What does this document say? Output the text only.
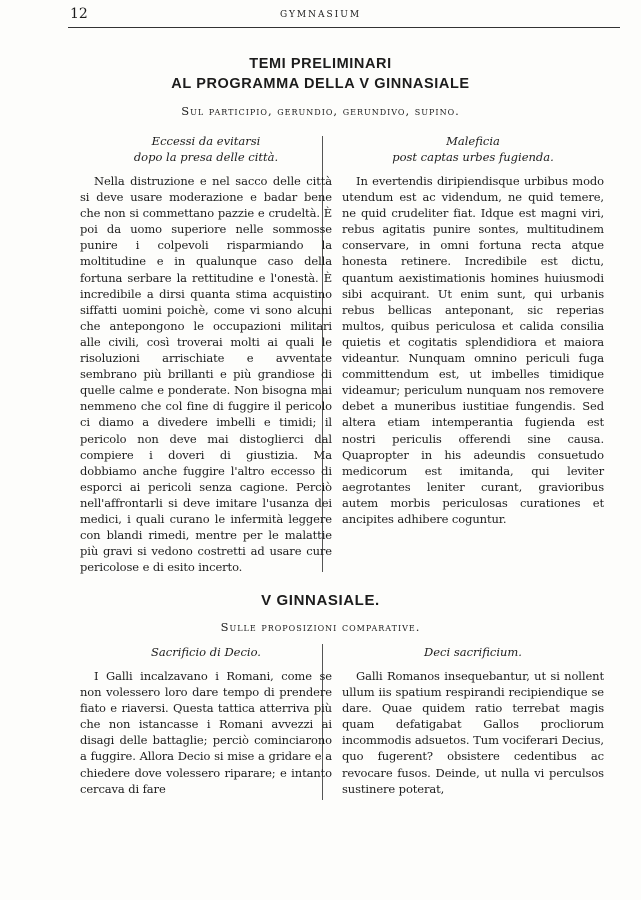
12	GYMNASIUM
TEMI PRELIMINARI
AL PROGRAMMA DELLA V GINNASIALE
Sul participio, gerundio, gerundivo, supino.
Eccessi da evitarsi
dopo la presa delle città.

Nella distruzione e nel sacco delle città si deve usare moderazione e badar bene che non si commettano pazzie e crudeltà. È poi da uomo superiore nelle sommosse punire i colpevoli risparmiando la moltitudine e in qualunque caso della fortuna serbare la rettitudine e l'onestà. È incredibile a dirsi quanta stima acquistino siffatti uomini poichè, come vi sono alcuni che antepongono le occupazioni militari alle civili, così troverai molti ai quali le risoluzioni arrischiate e avventate sembrano più brillanti e più grandiose di quelle calme e ponderate. Non bisogna mai nemmeno che col fine di fuggire il pericolo ci diamo a divedere imbelli e timidi; il pericolo non deve mai distoglierci dal compiere i doveri di giustizia. Ma dobbiamo anche fuggire l'altro eccesso di esporci ai pericoli senza cagione. Perciò nell'affrontarli si deve imitare l'usanza dei medici, i quali curano le infermità leggere con blandi rimedi, mentre per le malattie più gravi si vedono costretti ad usare cure pericolose e di esito incerto.

Maleficia
post captas urbes fugienda.

In evertendis diripiendisque urbibus modo utendum est ac videndum, ne quid temere, ne quid crudeliter fiat. Idque est magni viri, rebus agitatis punire sontes, multitudinem conservare, in omni fortuna recta atque honesta retinere. Incredibile est dictu, quantum aexistimationis homines huiusmodi sibi acquirant. Ut enim sunt, qui urbanis rebus bellicas anteponant, sic reperias multos, quibus periculosa et calida consilia quietis et cogitatis splendidiora et maiora videantur. Nunquam omnino periculi fuga committendum est, ut imbelles timidique videamur; periculum nunquam nos removere debet a muneribus iustitiae fungendis. Sed altera etiam intemperantia fugienda est nostri periculis offerendi sine causa. Quapropter in his adeundis consuetudo medicorum est imitanda, qui leviter aegrotantes leniter curant, gravioribus autem morbis periculosas curationes et ancipites adhibere coguntur.

V GINNASIALE.
Sulle proposizioni comparative.
Sacrificio di Decio.

I Galli incalzavano i Romani, come se non volessero loro dare tempo di prendere fiato e riaversi. Questa tattica atterriva più che non istancasse i Romani avvezzi ai disagi delle battaglie; perciò cominciarono a fuggire. Allora Decio si mise a gridare e a chiedere dove volessero riparare; e intanto cercava di fare

Deci sacrificium.

Galli Romanos insequebantur, ut si nollent ullum iis spatium respirandi recipiendique se dare. Quae quidem ratio terrebat magis quam defatigabat Gallos procliorum incommodis adsuetos. Tum vociferari Decius, quo fugerent? obsistere cedentibus ac revocare fusos. Deinde, ut nulla vi perculsos sustinere poterat,
